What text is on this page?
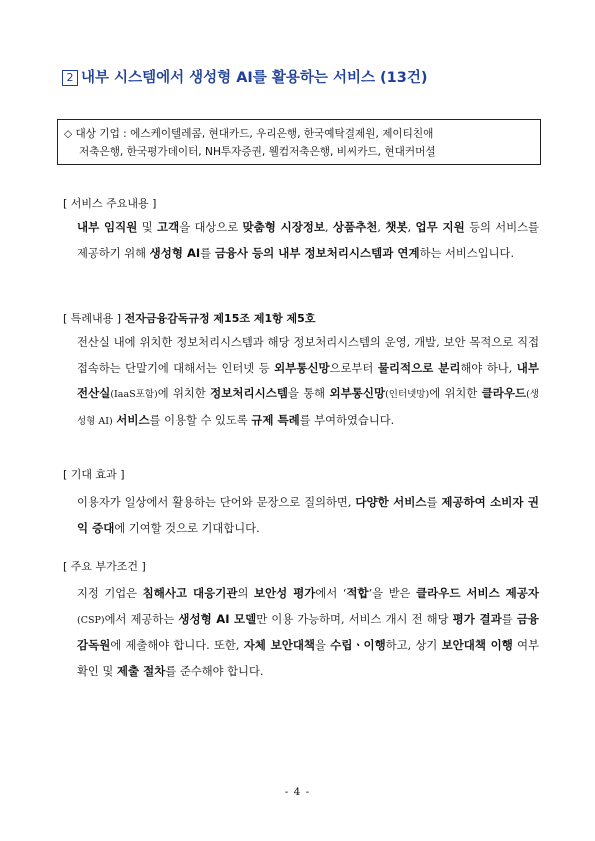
2 내부 시스템에서 생성형 AI를 활용하는 서비스 (13건)
◇ 대상 기업 : 에스케이텔레콤, 현대카드, 우리은행, 한국예탁결제원, 제이티친애
저축은행, 한국평가데이터, NH투자증권, 웰컴저축은행, 비씨카드, 현대커머셜
[ 서비스 주요내용 ]
내부 임직원 및 고객을 대상으로 맞춤형 시장정보, 상품추천, 챗봇, 업무 지원 등의 서비스를 제공하기 위해 생성형 AI를 금융사 등의 내부 정보처리시스템과 연계하는 서비스입니다.
[ 특례내용 ] 전자금융감독규정 제15조 제1항 제5호
전산실 내에 위치한 정보처리시스템과 해당 정보처리시스템의 운영, 개발, 보안 목적으로 직접 접속하는 단말기에 대해서는 인터넷 등 외부통신망으로부터 물리적으로 분리해야 하나, 내부 전산실(IaaS포함)에 위치한 정보처리시스템을 통해 외부통신망(인터넷망)에 위치한 클라우드(생성형 AI) 서비스를 이용할 수 있도록 규제 특례를 부여하였습니다.
[ 기대 효과 ]
이용자가 일상에서 활용하는 단어와 문장으로 질의하면, 다양한 서비스를 제공하여 소비자 권익 증대에 기여할 것으로 기대합니다.
[ 주요 부가조건 ]
지정 기업은 침해사고 대응기관의 보안성 평가에서 ‘적합’을 받은 클라우드 서비스 제공자(CSP)에서 제공하는 생성형 AI 모델만 이용 가능하며, 서비스 개시 전 해당 평가 결과를 금융감독원에 제출해야 합니다. 또한, 자체 보안대책을 수립ㆍ이행하고, 상기 보안대책 이행 여부 확인 및 제출 절차를 준수해야 합니다.
- 4 -
